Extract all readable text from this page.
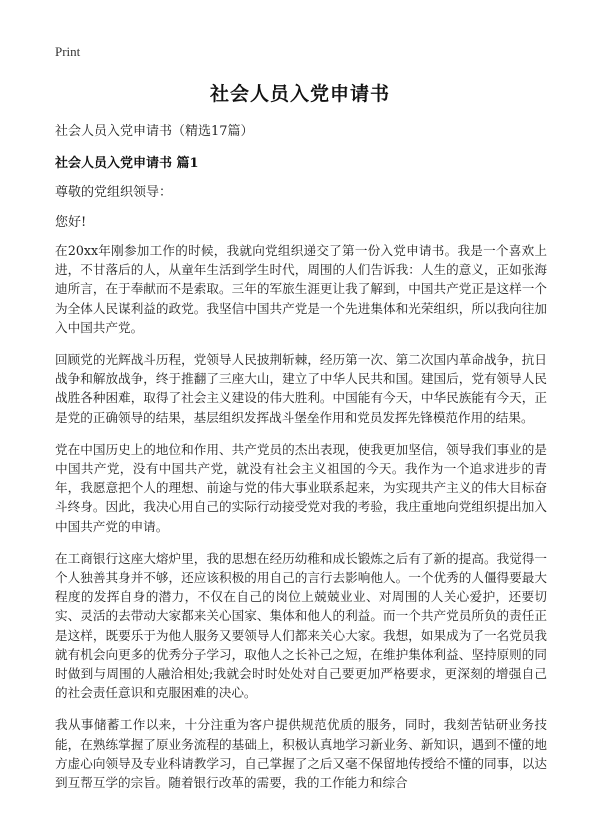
Print
社会人员入党申请书
社会人员入党申请书（精选17篇）
社会人员入党申请书 篇1
尊敬的党组织领导：
您好!

在20xx年刚参加工作的时候，我就向党组织递交了第一份入党申请书。我是一个喜欢上进，不甘落后的人，从童年生活到学生时代，周围的人们告诉我：人生的意义，正如张海迪所言，在于奉献而不是索取。三年的军旅生涯更让我了解到，中国共产党正是这样一个为全体人民谋利益的政党。我坚信中国共产党是一个先进集体和光荣组织，所以我向往加入中国共产党。

回顾党的光辉战斗历程，党领导人民披荆斩棘，经历第一次、第二次国内革命战争，抗日战争和解放战争，终于推翻了三座大山，建立了中华人民共和国。建国后，党有领导人民战胜各种困难，取得了社会主义建设的伟大胜利。中国能有今天，中华民族能有今天，正是党的正确领导的结果，基层组织发挥战斗堡垒作用和党员发挥先锋模范作用的结果。

党在中国历史上的地位和作用、共产党员的杰出表现，使我更加坚信，领导我们事业的是中国共产党，没有中国共产党，就没有社会主义祖国的今天。我作为一个追求进步的青年，我愿意把个人的理想、前途与党的伟大事业联系起来，为实现共产主义的伟大目标奋斗终身。因此，我决心用自己的实际行动接受党对我的考验，我庄重地向党组织提出加入中国共产党的申请。

在工商银行这座大熔炉里，我的思想在经历幼稚和成长锻炼之后有了新的提高。我觉得一个人独善其身并不够，还应该积极的用自己的言行去影响他人。一个优秀的人僵得要最大程度的发挥自身的潜力，不仅在自己的岗位上兢兢业业、对周围的人关心爱护，还要切实、灵活的去带动大家都来关心国家、集体和他人的利益。而一个共产党员所负的责任正是这样，既要乐于为他人服务又要领导人们都来关心大家。我想，如果成为了一名党员我就有机会向更多的优秀分子学习，取他人之长补己之短，在维护集体利益、坚持原则的同时做到与周围的人融洽相处;我就会时时处处对自己要更加严格要求，更深刻的增强自己的社会责任意识和克服困难的决心。

我从事储蓄工作以来，十分注重为客户提供规范优质的服务，同时，我刻苦钻研业务技能，在熟练掌握了原业务流程的基础上，积极认真地学习新业务、新知识，遇到不懂的地方虚心向领导及专业科请教学习，自己掌握了之后又毫不保留地传授给不懂的同事，以达到互帮互学的宗旨。随着银行改革的需要，我的工作能力和综合
